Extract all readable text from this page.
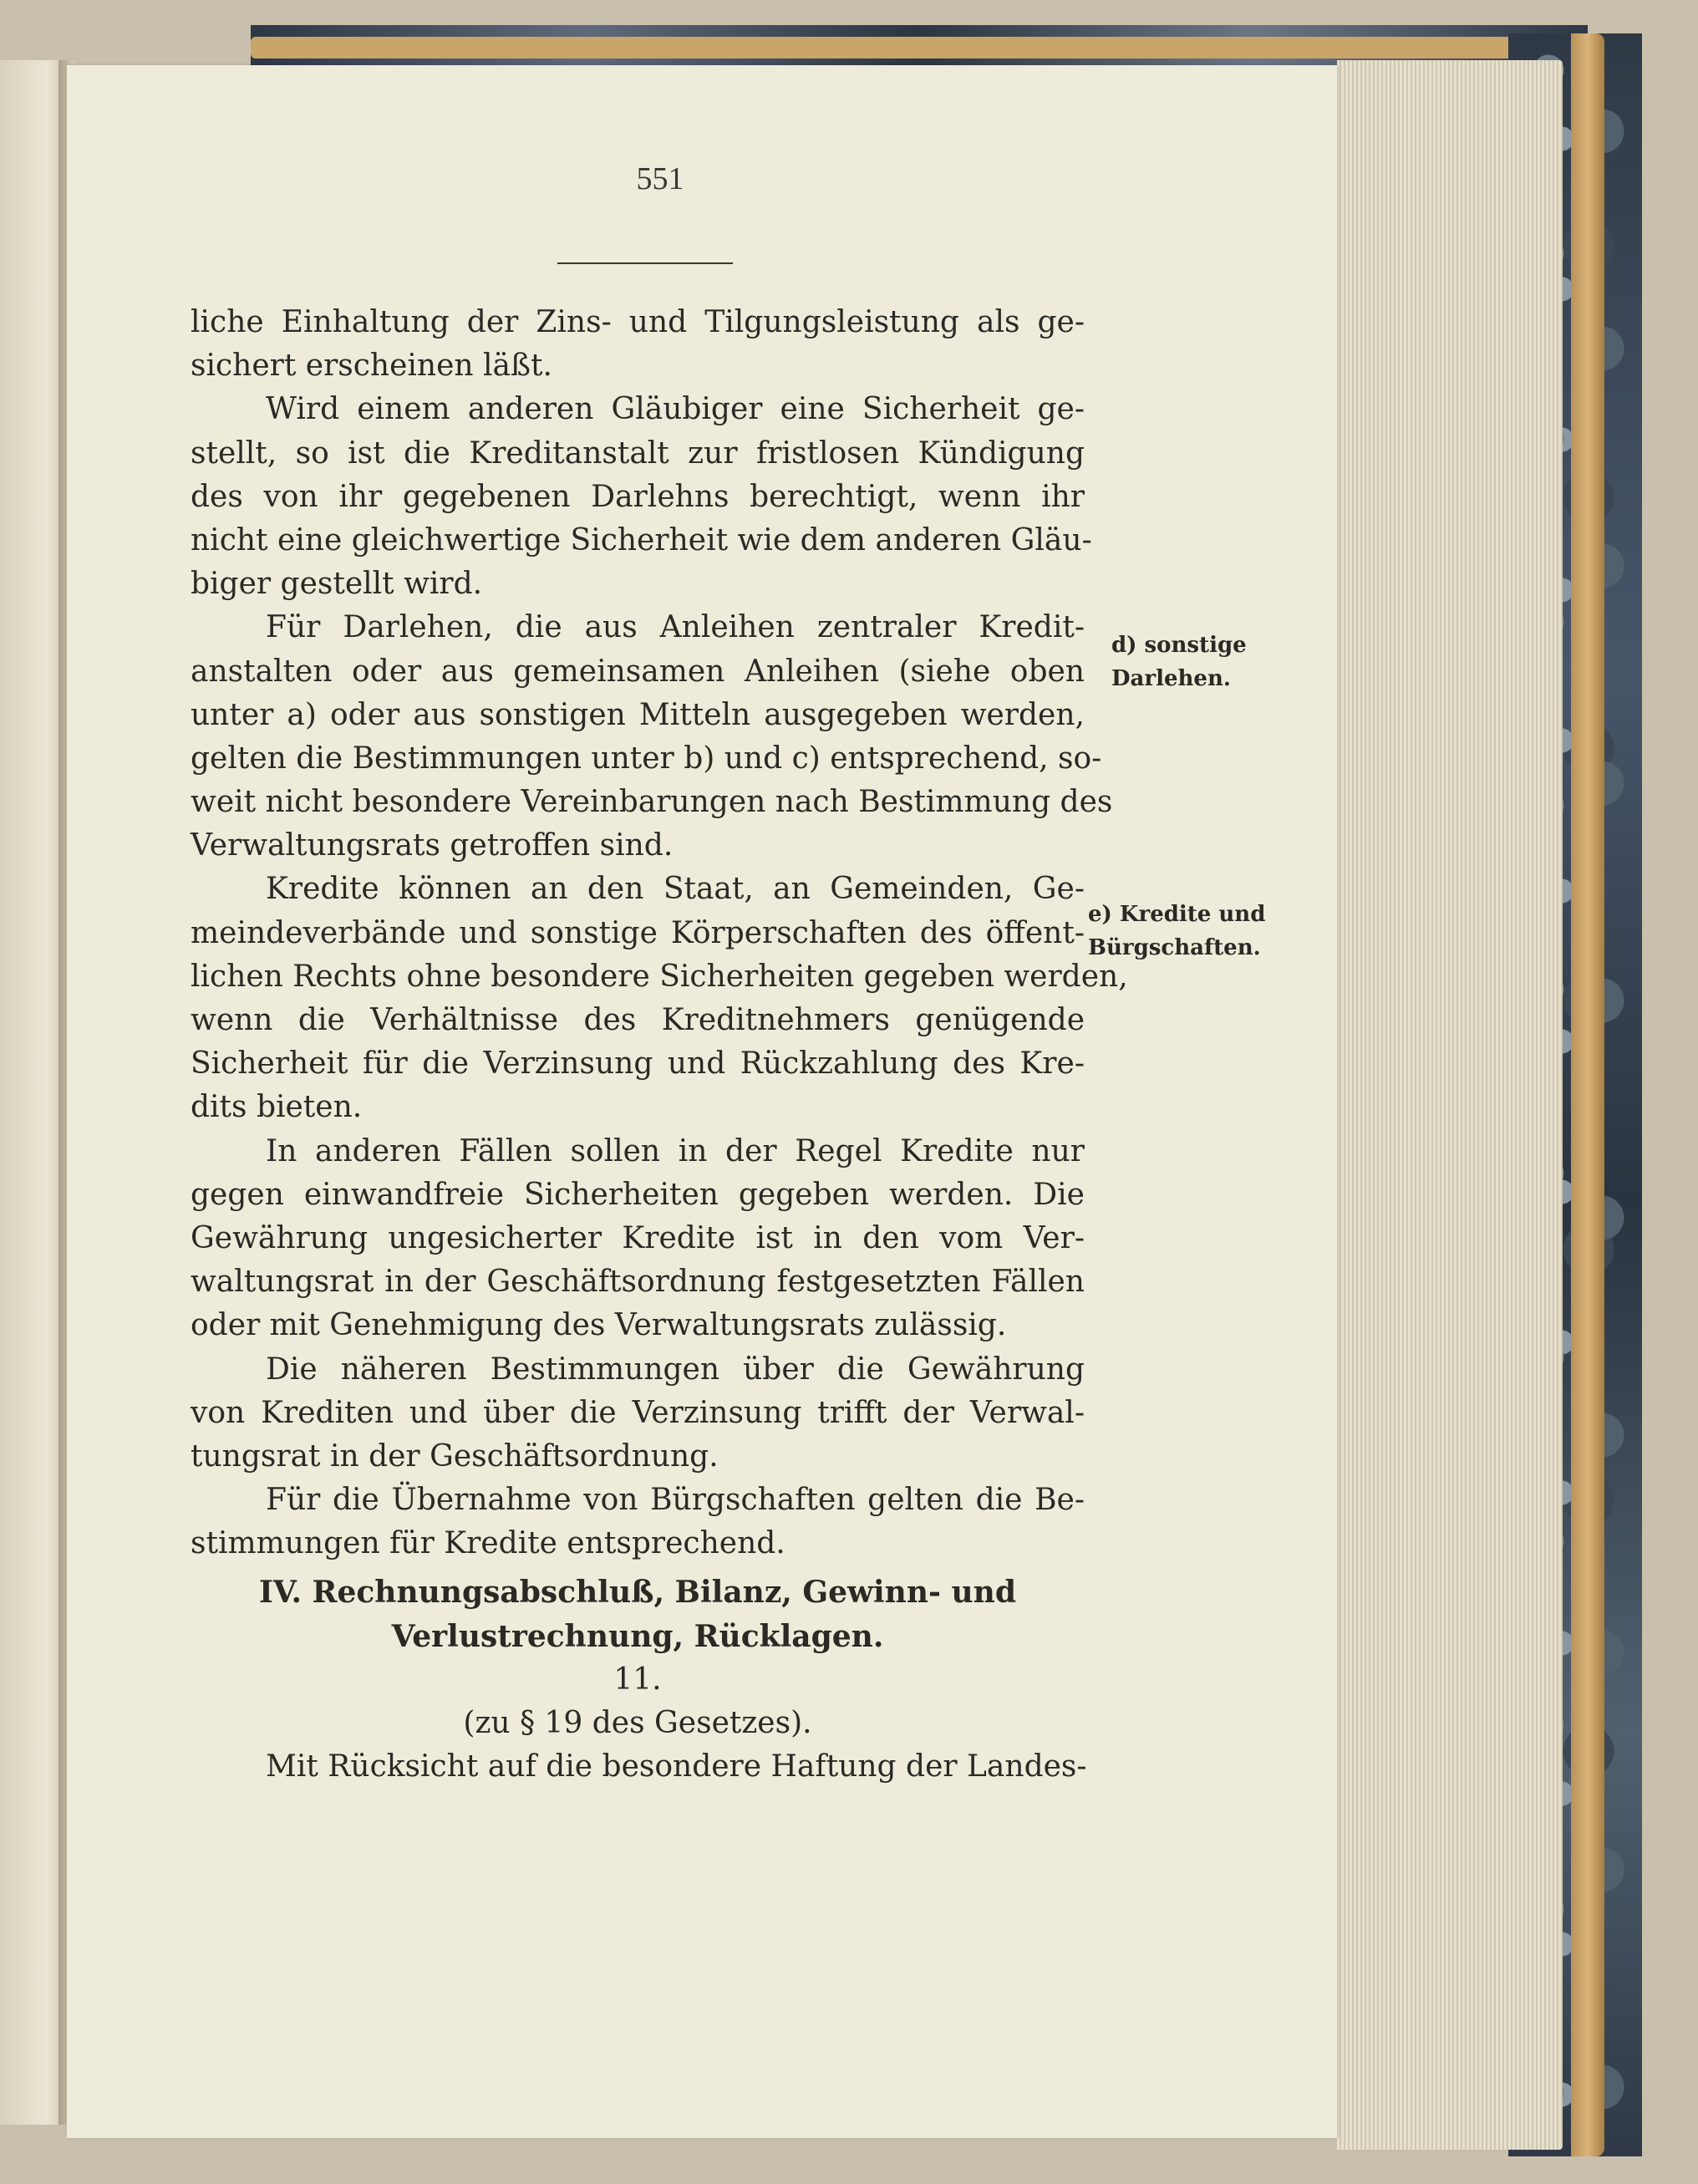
551
liche Einhaltung der Zins- und Tilgungsleistung als ge-
sichert erscheinen läßt.
Wird einem anderen Gläubiger eine Sicherheit ge-
stellt, so ist die Kreditanstalt zur fristlosen Kündigung
des von ihr gegebenen Darlehns berechtigt, wenn ihr
nicht eine gleichwertige Sicherheit wie dem anderen Gläu-
biger gestellt wird.
Für Darlehen, die aus Anleihen zentraler Kredit-
anstalten oder aus gemeinsamen Anleihen (siehe oben
unter a) oder aus sonstigen Mitteln ausgegeben werden,
gelten die Bestimmungen unter b) und c) entsprechend, so-
weit nicht besondere Vereinbarungen nach Bestimmung des
Verwaltungsrats getroffen sind.
Kredite können an den Staat, an Gemeinden, Ge-
meindeverbände und sonstige Körperschaften des öffent-
lichen Rechts ohne besondere Sicherheiten gegeben werden,
wenn die Verhältnisse des Kreditnehmers genügende
Sicherheit für die Verzinsung und Rückzahlung des Kre-
dits bieten.
In anderen Fällen sollen in der Regel Kredite nur
gegen einwandfreie Sicherheiten gegeben werden. Die
Gewährung ungesicherter Kredite ist in den vom Ver-
waltungsrat in der Geschäftsordnung festgesetzten Fällen
oder mit Genehmigung des Verwaltungsrats zulässig.
Die näheren Bestimmungen über die Gewährung
von Krediten und über die Verzinsung trifft der Verwal-
tungsrat in der Geschäftsordnung.
Für die Übernahme von Bürgschaften gelten die Be-
stimmungen für Kredite entsprechend.
IV. Rechnungsabschluß, Bilanz, Gewinn- und
Verlustrechnung, Rücklagen.
11.
(zu § 19 des Gesetzes).
Mit Rücksicht auf die besondere Haftung der Landes-
d) sonstige
Darlehen.
e) Kredite und
Bürgschaften.
